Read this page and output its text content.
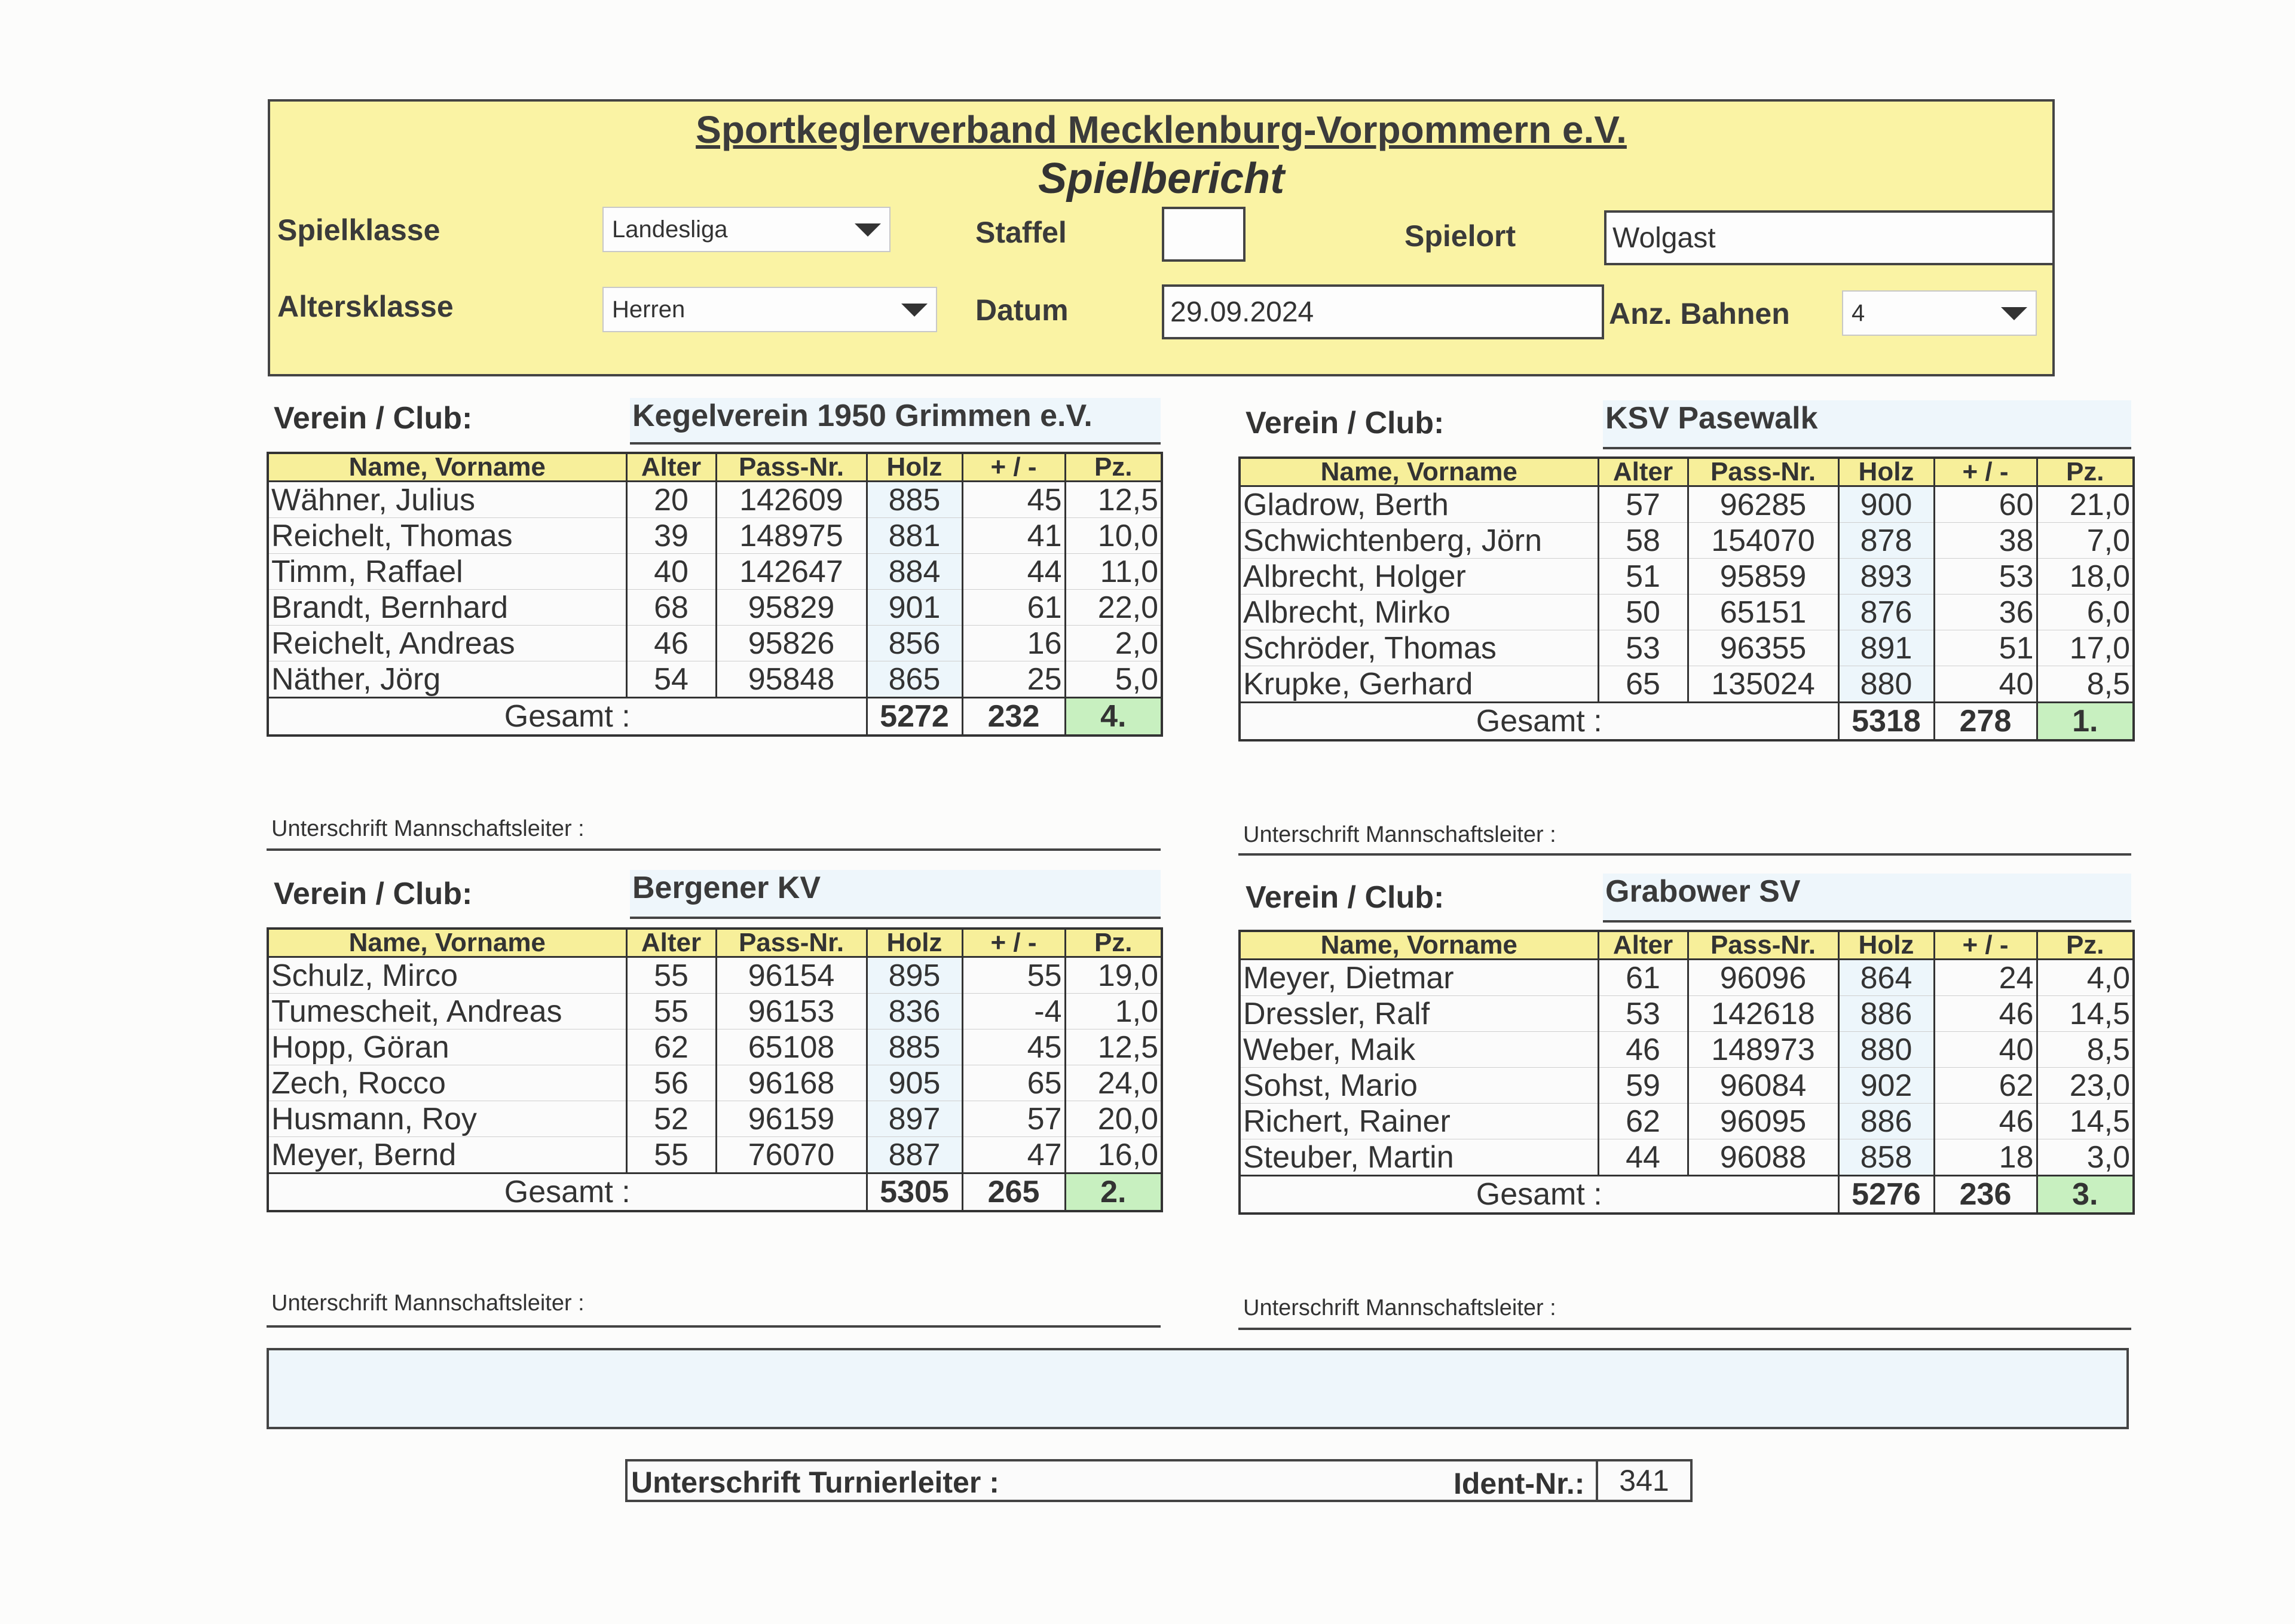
Sportkeglerverband Mecklenburg-Vorpommern e.V.
Spielbericht
Spielklasse	Landesliga	Staffel	Spielort	Wolgast
Altersklasse	Herren	Datum	29.09.2024	Anz. Bahnen	4
Verein / Club:	Kegelverein 1950 Grimmen e.V.
Name, Vorname	Alter	Pass-Nr.	Holz	+ / -	Pz.
Wähner, Julius	20	142609	885	45	12,5
Reichelt, Thomas	39	148975	881	41	10,0
Timm, Raffael	40	142647	884	44	11,0
Brandt, Bernhard	68	95829	901	61	22,0
Reichelt, Andreas	46	95826	856	16	2,0
Näther, Jörg	54	95848	865	25	5,0
Gesamt :			5272	232	4.
Unterschrift Mannschaftsleiter :
Verein / Club:	KSV Pasewalk
Name, Vorname	Alter	Pass-Nr.	Holz	+ / -	Pz.
Gladrow, Berth	57	96285	900	60	21,0
Schwichtenberg, Jörn	58	154070	878	38	7,0
Albrecht, Holger	51	95859	893	53	18,0
Albrecht, Mirko	50	65151	876	36	6,0
Schröder, Thomas	53	96355	891	51	17,0
Krupke, Gerhard	65	135024	880	40	8,5
Gesamt :			5318	278	1.
Unterschrift Mannschaftsleiter :
Verein / Club:	Bergener KV
Name, Vorname	Alter	Pass-Nr.	Holz	+ / -	Pz.
Schulz, Mirco	55	96154	895	55	19,0
Tumescheit, Andreas	55	96153	836	-4	1,0
Hopp, Göran	62	65108	885	45	12,5
Zech, Rocco	56	96168	905	65	24,0
Husmann, Roy	52	96159	897	57	20,0
Meyer, Bernd	55	76070	887	47	16,0
Gesamt :			5305	265	2.
Unterschrift Mannschaftsleiter :
Verein / Club:	Grabower SV
Name, Vorname	Alter	Pass-Nr.	Holz	+ / -	Pz.
Meyer, Dietmar	61	96096	864	24	4,0
Dressler, Ralf	53	142618	886	46	14,5
Weber, Maik	46	148973	880	40	8,5
Sohst, Mario	59	96084	902	62	23,0
Richert, Rainer	62	96095	886	46	14,5
Steuber, Martin	44	96088	858	18	3,0
Gesamt :			5276	236	3.
Unterschrift Mannschaftsleiter :
Unterschrift Turnierleiter :	Ident-Nr.:	341
